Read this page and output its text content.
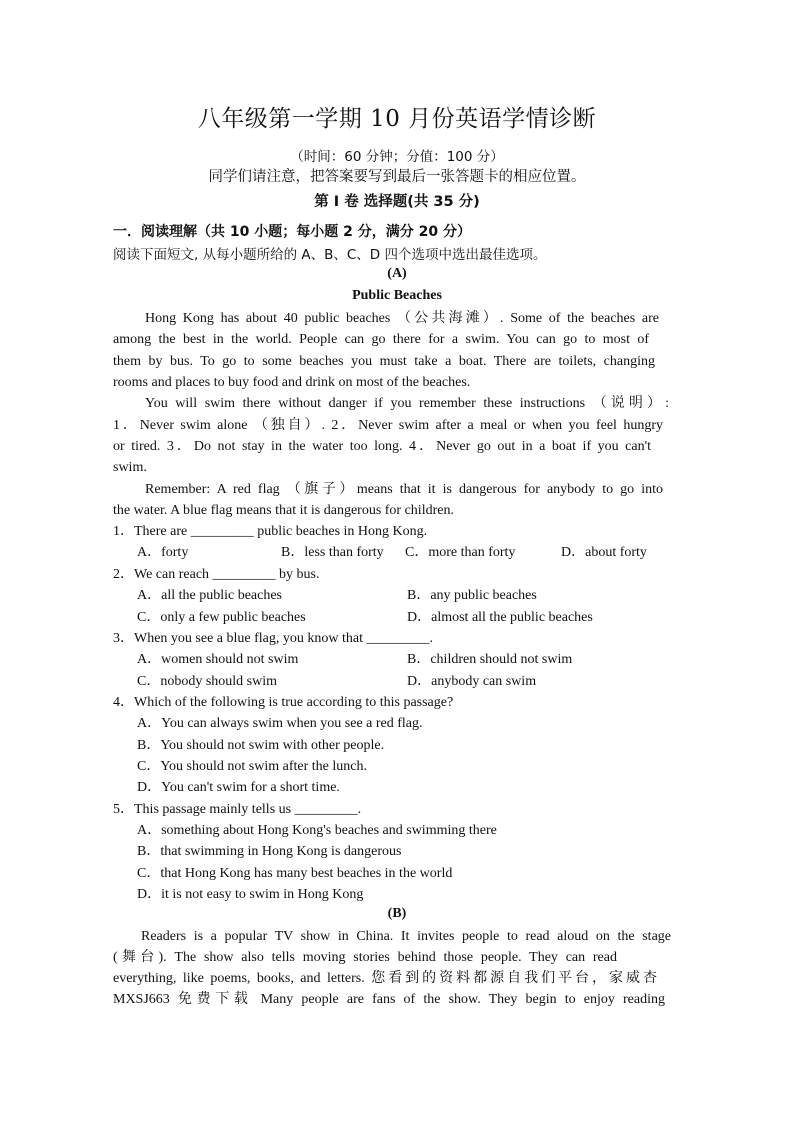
八年级第一学期 10 月份英语学情诊断
（时间：60 分钟；分值：100 分）
同学们请注意，把答案要写到最后一张答题卡的相应位置。
第 I 卷 选择题(共 35 分)
一．阅读理解（共 10 小题；每小题 2 分，满分 20 分）
阅读下面短文, 从每小题所给的 A、B、C、D 四个选项中选出最佳选项。
(A)
Public Beaches
Hong Kong has about 40 public beaches （公共海滩）. Some of the beaches are
among the best in the world. People can go there for a swim. You can go to most of
them by bus. To go to some beaches you must take a boat. There are toilets, changing
rooms and places to buy food and drink on most of the beaches.
You will swim there without danger if you remember these instructions （说明）:
1．Never swim alone （独自）. 2．Never swim after a meal or when you feel hungry
or tired. 3．Do not stay in the water too long. 4．Never go out in a boat if you can't
swim.
Remember: A red flag （旗子）means that it is dangerous for anybody to go into
the water. A blue flag means that it is dangerous for children.
1．There are _________ public beaches in Hong Kong.
A．forty	B．less than forty C．more than forty	D．about forty
2．We can reach _________ by bus.
A．all the public beaches	B．any public beaches
C．only a few public beaches	D．almost all the public beaches
3．When you see a blue flag, you know that _________.
A．women should not swim	B．children should not swim
C．nobody should swim	D．anybody can swim
4．Which of the following is true according to this passage?
A．You can always swim when you see a red flag.
B．You should not swim with other people.
C．You should not swim after the lunch.
D．You can't swim for a short time.
5．This passage mainly tells us _________.
A．something about Hong Kong's beaches and swimming there
B．that swimming in Hong Kong is dangerous
C．that Hong Kong has many best beaches in the world
D．it is not easy to swim in Hong Kong
(B)
Readers is a popular TV show in China. It invites people to read aloud on the stage
(舞台). The show also tells moving stories behind those people. They can read
everything, like poems, books, and letters. 您看到的资料都源自我们平台，家威杏
MXSJ663 免费下载 Many people are fans of the show. They begin to enjoy reading
